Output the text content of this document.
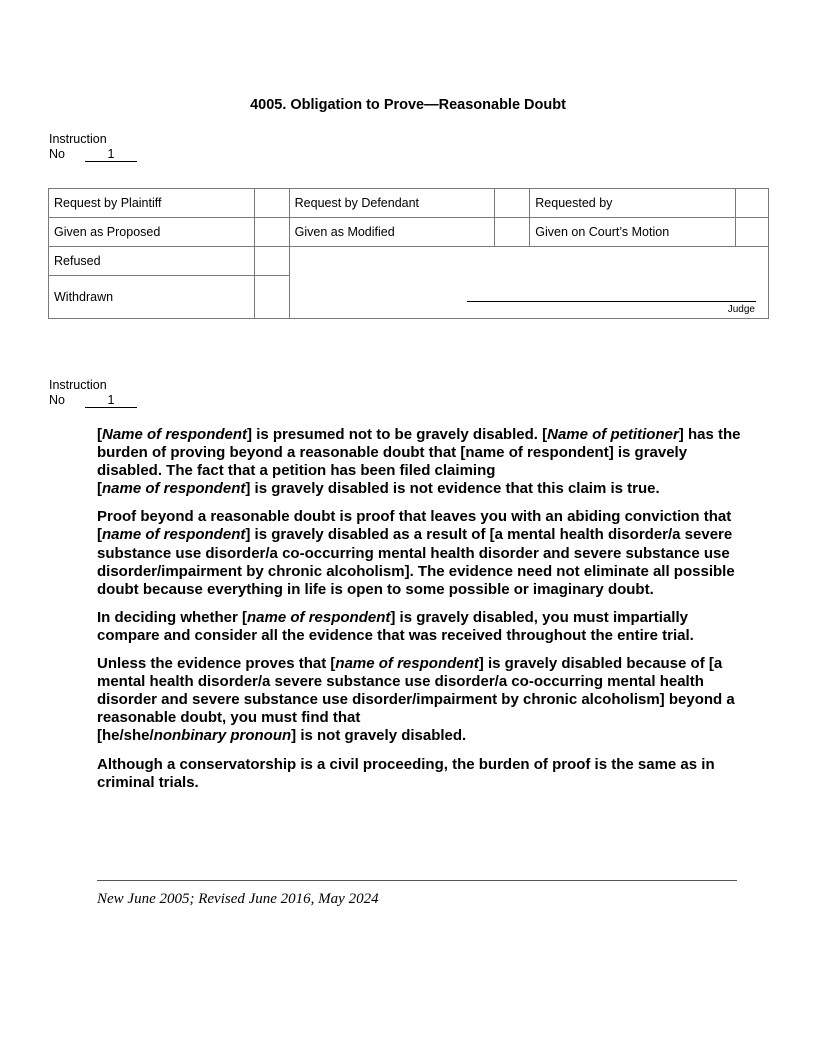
4005. Obligation to Prove—Reasonable Doubt
Instruction
No	1
Request by Plaintiff		Request by Defendant		Requested by	
Given as Proposed		Given as Modified		Given on Court’s Motion	
Refused		Judge			

Withdrawn					
Instruction
No	1

[Name of respondent] is presumed not to be gravely disabled. [Name of petitioner] has the burden of proving beyond a reasonable doubt that [name of respondent] is gravely disabled. The fact that a petition has been filed claiming
[name of respondent] is gravely disabled is not evidence that this claim is true.

Proof beyond a reasonable doubt is proof that leaves you with an abiding conviction that [name of respondent] is gravely disabled as a result of [a mental health disorder/a severe substance use disorder/a co-occurring mental health disorder and severe substance use disorder/impairment by chronic alcoholism]. The evidence need not eliminate all possible doubt because everything in life is open to some possible or imaginary doubt.

In deciding whether [name of respondent] is gravely disabled, you must impartially compare and consider all the evidence that was received throughout the entire trial.

Unless the evidence proves that [name of respondent] is gravely disabled because of [a mental health disorder/a severe substance use disorder/a co-occurring mental health disorder and severe substance use disorder/impairment by chronic alcoholism] beyond a reasonable doubt, you must find that
[he/she/nonbinary pronoun] is not gravely disabled.

Although a conservatorship is a civil proceeding, the burden of proof is the same as in criminal trials.

New June 2005; Revised June 2016, May 2024
